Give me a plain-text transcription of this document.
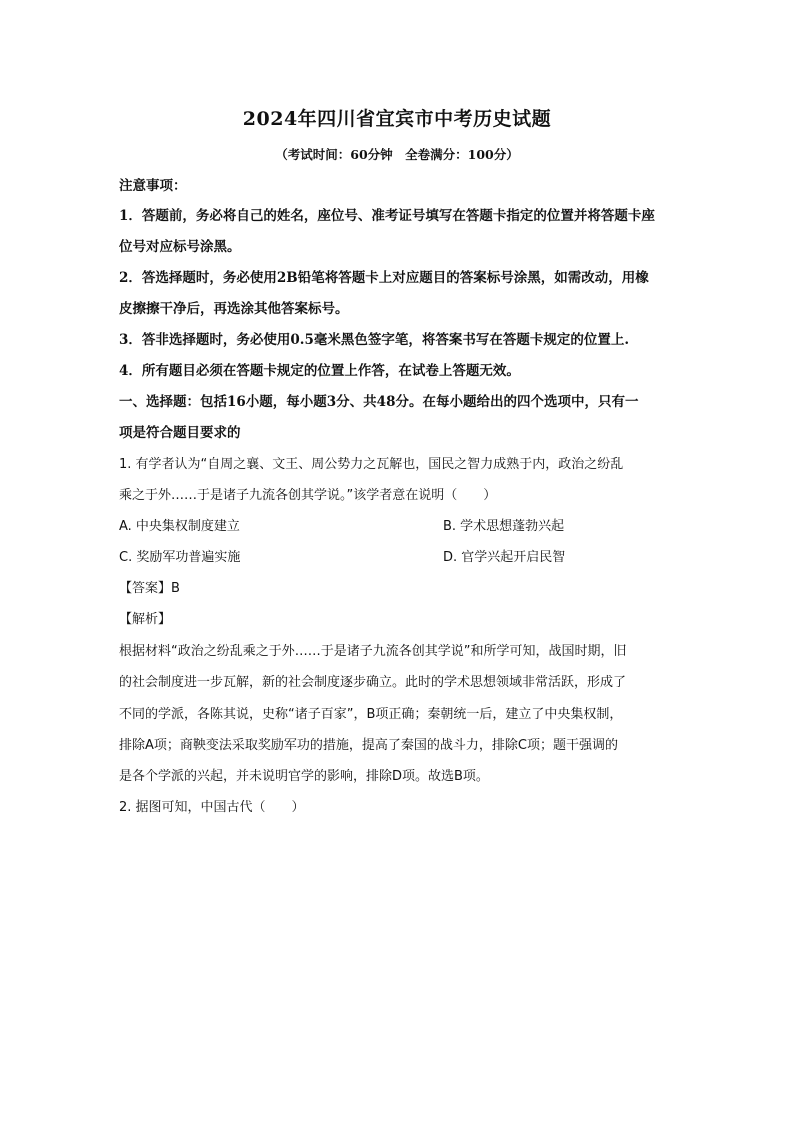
2024年四川省宜宾市中考历史试题
（考试时间：60分钟　全卷满分：100分）
注意事项：
1．答题前，务必将自己的姓名，座位号、准考证号填写在答题卡指定的位置并将答题卡座
位号对应标号涂黑。
2．答选择题时，务必使用2B铅笔将答题卡上对应题目的答案标号涂黑，如需改动，用橡
皮擦擦干净后，再选涂其他答案标号。
3．答非选择题时，务必使用0.5毫米黑色签字笔，将答案书写在答题卡规定的位置上.
4．所有题目必须在答题卡规定的位置上作答，在试卷上答题无效。
一、选择题：包括16小题，每小题3分、共48分。在每小题给出的四个选项中，只有一
项是符合题目要求的
1. 有学者认为“自周之襄、文王、周公势力之瓦解也，国民之智力成熟于内，政治之纷乱
乘之于外……于是诸子九流各创其学说。”该学者意在说明（　　）
A. 中央集权制度建立	B. 学术思想蓬勃兴起
C. 奖励军功普遍实施	D. 官学兴起开启民智
【答案】B
【解析】
根据材料“政治之纷乱乘之于外……于是诸子九流各创其学说”和所学可知，战国时期，旧
的社会制度进一步瓦解，新的社会制度逐步确立。此时的学术思想领域非常活跃，形成了
不同的学派，各陈其说，史称“诸子百家”，B项正确；秦朝统一后，建立了中央集权制，
排除A项；商鞅变法采取奖励军功的措施，提高了秦国的战斗力，排除C项；题干强调的
是各个学派的兴起，并未说明官学的影响，排除D项。故选B项。
2. 据图可知，中国古代（　　）
